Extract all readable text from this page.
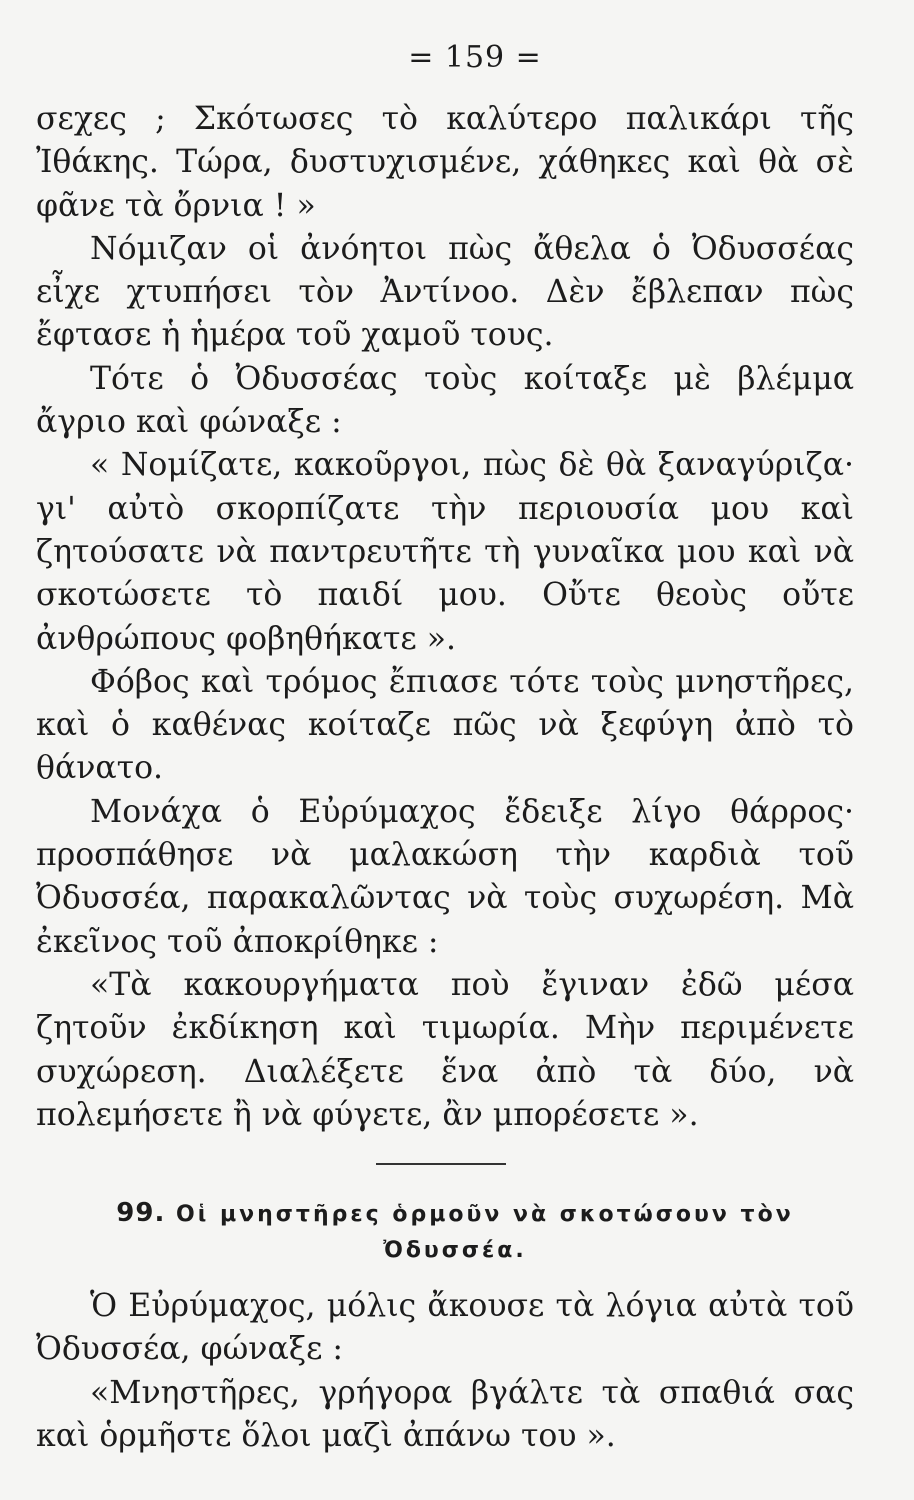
= 159 =

σεχες ; Σκότωσες τὸ καλύτερο παλικάρι τῆς Ἰθάκης. Τώρα, δυστυχισμένε, χάθηκες καὶ θὰ σὲ φᾶνε τὰ ὄρνια ! »

Νόμιζαν οἱ ἀνόητοι πὼς ἄθελα ὁ Ὀδυσσέας εἶχε χτυπήσει τὸν Ἀντίνοο. Δὲν ἔβλεπαν πὼς ἔφτασε ἡ ἡμέρα τοῦ χαμοῦ τους.

Τότε ὁ Ὀδυσσέας τοὺς κοίταξε μὲ βλέμμα ἄγριο καὶ φώναξε :

« Νομίζατε, κακοῦργοι, πὼς δὲ θὰ ξαναγύριζα· γι' αὐτὸ σκορπίζατε τὴν περιουσία μου καὶ ζητούσατε νὰ παντρευτῆτε τὴ γυναῖκα μου καὶ νὰ σκοτώσετε τὸ παιδί μου. Οὔτε θεοὺς οὔτε ἀνθρώπους φοβηθήκατε ».

Φόβος καὶ τρόμος ἔπιασε τότε τοὺς μνηστῆρες, καὶ ὁ καθένας κοίταζε πῶς νὰ ξεφύγη ἀπὸ τὸ θάνατο.

Μονάχα ὁ Εὐρύμαχος ἔδειξε λίγο θάρρος· προσπάθησε νὰ μαλακώση τὴν καρδιὰ τοῦ Ὀδυσσέα, παρακαλῶντας νὰ τοὺς συχωρέση. Μὰ ἐκεῖνος τοῦ ἀποκρίθηκε :

«Τὰ κακουργήματα ποὺ ἔγιναν ἐδῶ μέσα ζητοῦν ἐκδίκηση καὶ τιμωρία. Μὴν περιμένετε συχώρεση. Διαλέξετε ἕνα ἀπὸ τὰ δύο, νὰ πολεμήσετε ἢ νὰ φύγετε, ἂν μπορέσετε ».

99. Οἱ μνηστῆρες ὁρμοῦν νὰ σκοτώσουν τὸν Ὀδυσσέα.

Ὁ Εὐρύμαχος, μόλις ἄκουσε τὰ λόγια αὐτὰ τοῦ Ὀδυσσέα, φώναξε :

«Μνηστῆρες, γρήγορα βγάλτε τὰ σπαθιά σας καὶ ὁρμῆστε ὅλοι μαζὶ ἀπάνω του ».
